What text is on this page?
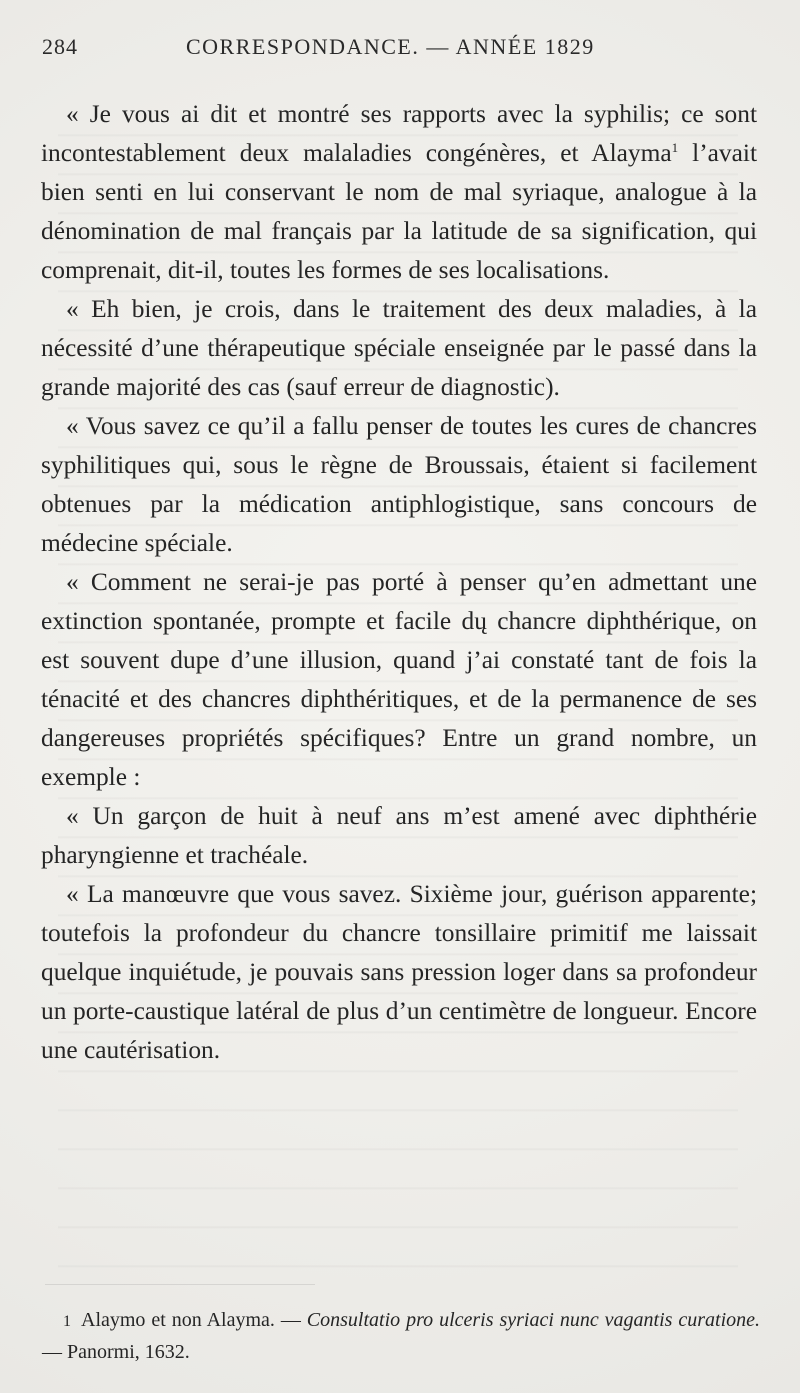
284	CORRESPONDANCE. — ANNÉE 1829

« Je vous ai dit et montré ses rapports avec la syphilis; ce sont incontestablement deux malaladies congénères, et Alayma$^1$ l’avait bien senti en lui conservant le nom de mal syriaque, analogue à la dénomination de mal français par la latitude de sa signification, qui comprenait, dit-il, toutes les formes de ses localisations.

« Eh bien, je crois, dans le traitement des deux maladies, à la nécessité d’une thérapeutique spéciale enseignée par le passé dans la grande majorité des cas (sauf erreur de diagnostic).

« Vous savez ce qu’il a fallu penser de toutes les cures de chancres syphilitiques qui, sous le règne de Broussais, étaient si facilement obtenues par la médication antiphlogistique, sans concours de médecine spéciale.

« Comment ne serai-je pas porté à penser qu’en admettant une extinction spontanée, prompte et facile dų chancre diphthérique, on est souvent dupe d’une illusion, quand j’ai constaté tant de fois la ténacité et des chancres diphthéritiques, et de la permanence de ses dangereuses propriétés spécifiques? Entre un grand nombre, un exemple :

« Un garçon de huit à neuf ans m’est amené avec diphthérie pharyngienne et trachéale.

« La manœuvre que vous savez. Sixième jour, guérison apparente; toutefois la profondeur du chancre tonsillaire primitif me laissait quelque inquiétude, je pouvais sans pression loger dans sa profondeur un porte-caustique latéral de plus d’un centimètre de longueur. Encore une cautérisation.

1 Alaymo et non Alayma. — Consultatio pro ulceris syriaci nunc vagantis curatione. — Panormi, 1632.
